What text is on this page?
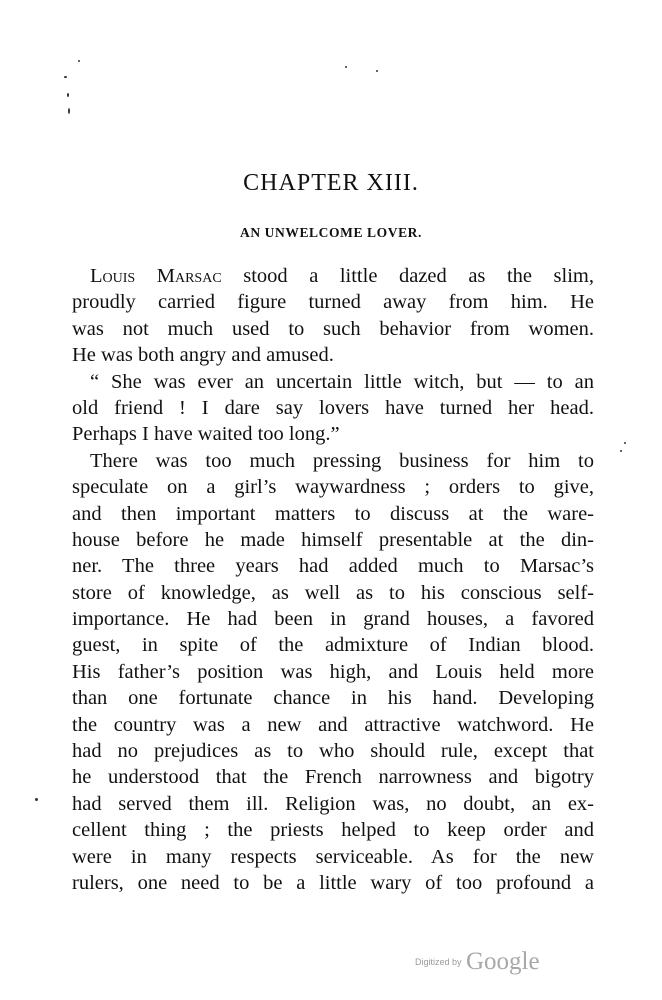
CHAPTER XIII.
AN UNWELCOME LOVER.
Louis Marsac stood a little dazed as the slim,
proudly carried figure turned away from him. He
was not much used to such behavior from women.
He was both angry and amused.
“ She was ever an uncertain little witch, but — to an
old friend ! I dare say lovers have turned her head.
Perhaps I have waited too long.”
There was too much pressing business for him to
speculate on a girl’s waywardness ; orders to give,
and then important matters to discuss at the ware-
house before he made himself presentable at the din-
ner. The three years had added much to Marsac’s
store of knowledge, as well as to his conscious self-
importance. He had been in grand houses, a favored
guest, in spite of the admixture of Indian blood.
His father’s position was high, and Louis held more
than one fortunate chance in his hand. Developing
the country was a new and attractive watchword. He
had no prejudices as to who should rule, except that
he understood that the French narrowness and bigotry
had served them ill. Religion was, no doubt, an ex-
cellent thing ; the priests helped to keep order and
were in many respects serviceable. As for the new
rulers, one need to be a little wary of too profound a
Digitized by Google
